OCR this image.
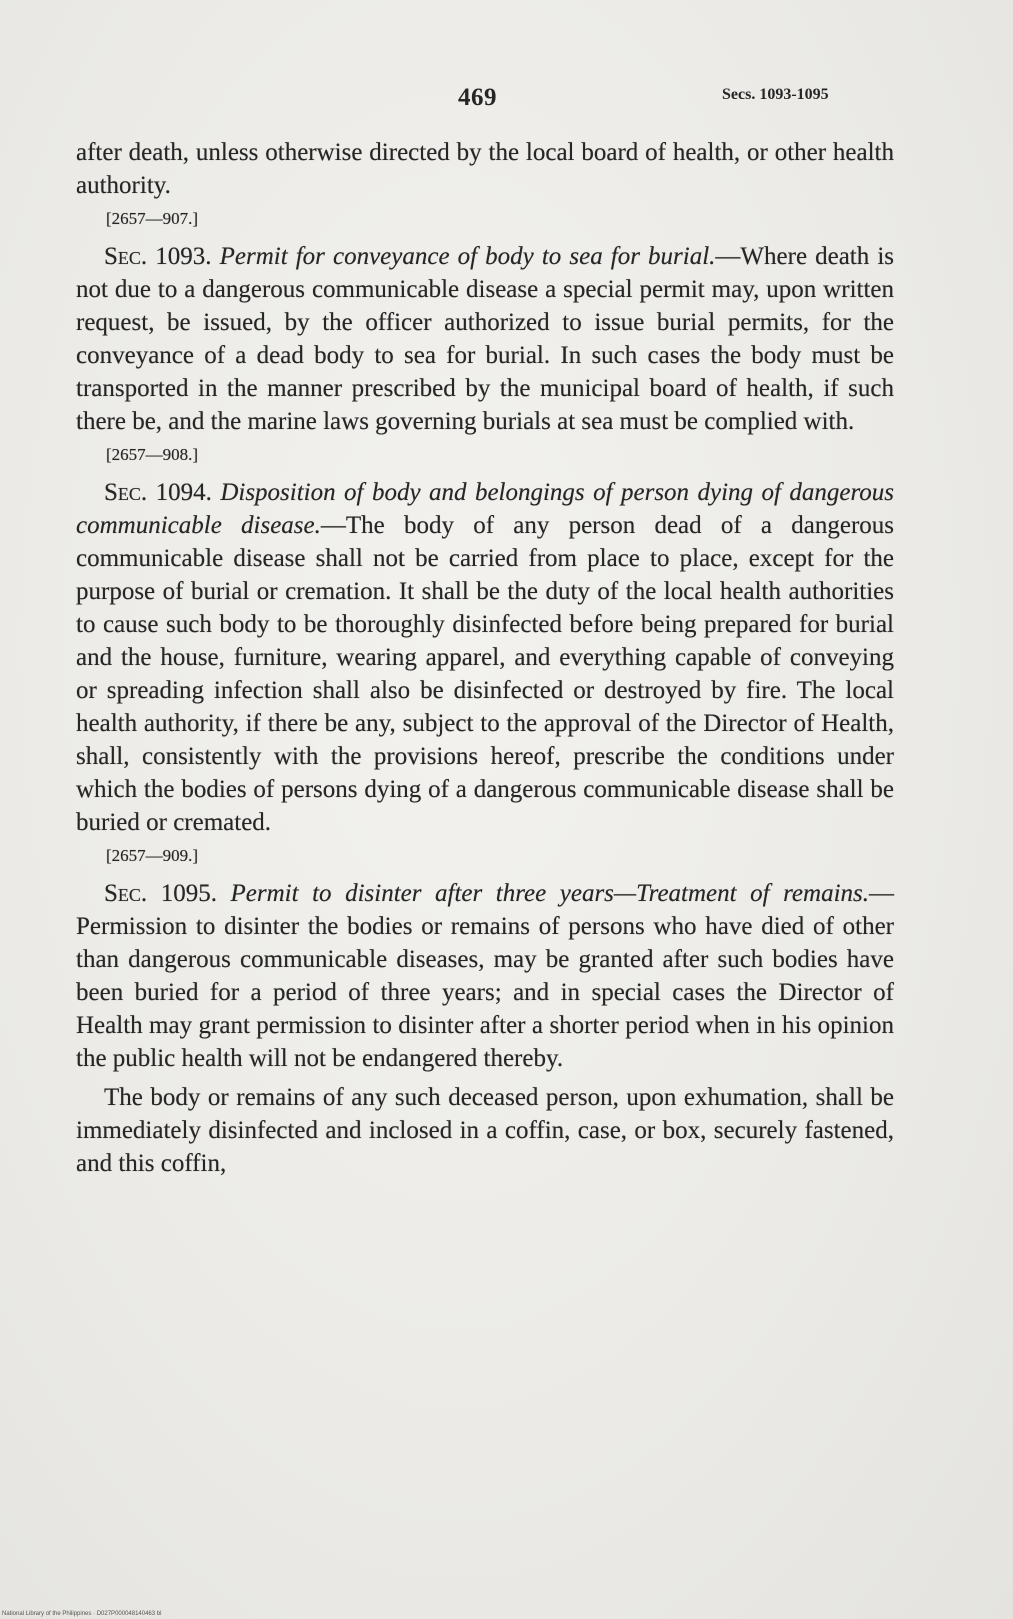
469	Secs. 1093-1095

after death, unless otherwise directed by the local board of health, or other health authority.

[2657—907.]

Sec. 1093. Permit for conveyance of body to sea for burial.—Where death is not due to a dangerous communicable disease a special permit may, upon written request, be issued, by the officer authorized to issue burial permits, for the conveyance of a dead body to sea for burial. In such cases the body must be transported in the manner prescribed by the municipal board of health, if such there be, and the marine laws governing burials at sea must be complied with.

[2657—908.]

Sec. 1094. Disposition of body and belongings of person dying of dangerous communicable disease.—The body of any person dead of a dangerous communicable disease shall not be carried from place to place, except for the purpose of burial or cremation. It shall be the duty of the local health authorities to cause such body to be thoroughly disinfected before being prepared for burial and the house, furniture, wearing apparel, and everything capable of conveying or spreading infection shall also be disinfected or destroyed by fire. The local health authority, if there be any, subject to the approval of the Director of Health, shall, consistently with the provisions hereof, prescribe the conditions under which the bodies of persons dying of a dangerous communicable disease shall be buried or cremated.

[2657—909.]

Sec. 1095. Permit to disinter after three years—Treatment of remains.—Permission to disinter the bodies or remains of persons who have died of other than dangerous communicable diseases, may be granted after such bodies have been buried for a period of three years; and in special cases the Director of Health may grant permission to disinter after a shorter period when in his opinion the public health will not be endangered thereby.

The body or remains of any such deceased person, upon exhumation, shall be immediately disinfected and inclosed in a coffin, case, or box, securely fastened, and this coffin,

National Library of the Philippines · D027P000048140463 bl
